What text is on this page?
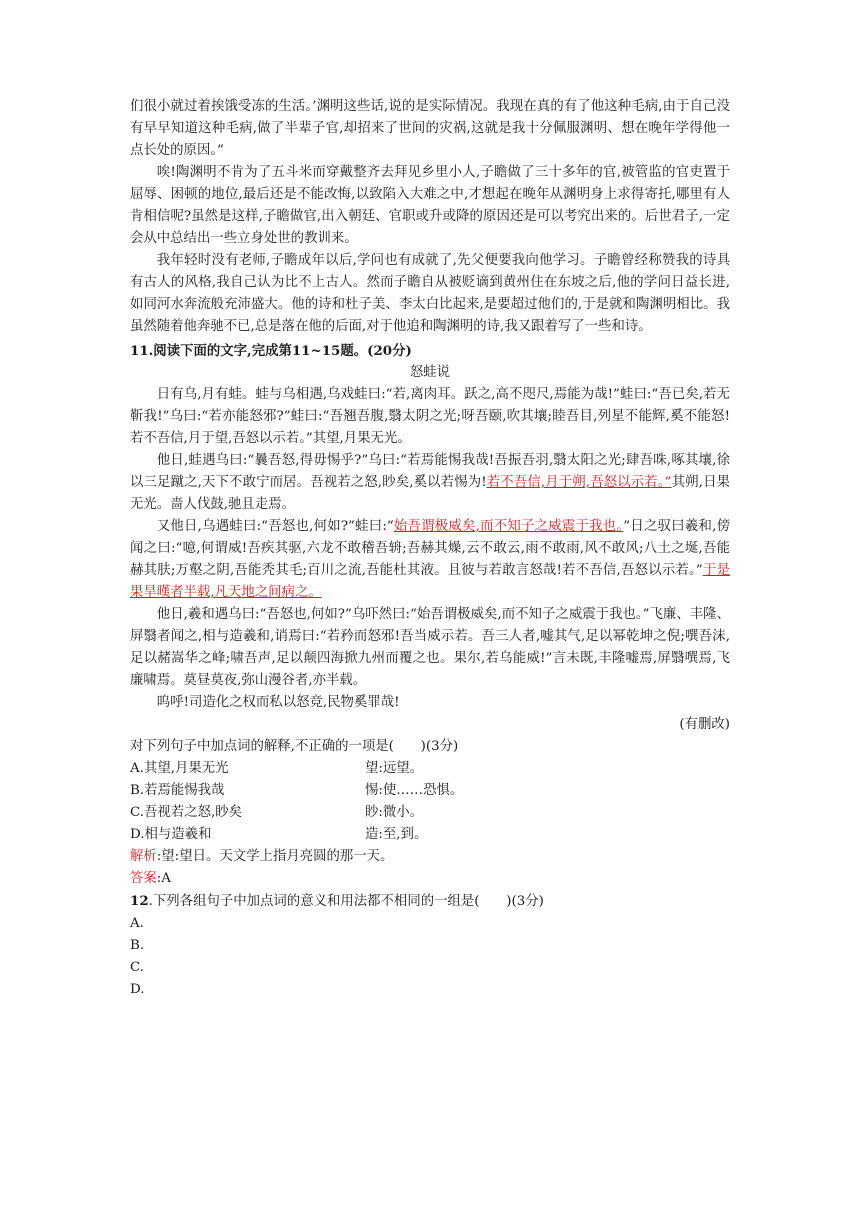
们很小就过着挨饿受冻的生活。’渊明这些话,说的是实际情况。我现在真的有了他这种毛病,由于自己没有早早知道这种毛病,做了半辈子官,却招来了世间的灾祸,这就是我十分佩服渊明、想在晚年学得他一点长处的原因。”

唉!陶渊明不肯为了五斗米而穿戴整齐去拜见乡里小人,子瞻做了三十多年的官,被管监的官吏置于屈辱、困顿的地位,最后还是不能改悔,以致陷入大难之中,才想起在晚年从渊明身上求得寄托,哪里有人肯相信呢?虽然是这样,子瞻做官,出入朝廷、官职或升或降的原因还是可以考究出来的。后世君子,一定会从中总结出一些立身处世的教训来。

我年轻时没有老师,子瞻成年以后,学问也有成就了,先父便要我向他学习。子瞻曾经称赞我的诗具有古人的风格,我自己认为比不上古人。然而子瞻自从被贬谪到黄州住在东坡之后,他的学问日益长进,如同河水奔流般充沛盛大。他的诗和杜子美、李太白比起来,是要超过他们的,于是就和陶渊明相比。我虽然随着他奔驰不已,总是落在他的后面,对于他追和陶渊明的诗,我又跟着写了一些和诗。

11.阅读下面的文字,完成第11~15题。(20分)

怒蛙说

日有乌,月有蛙。蛙与乌相遇,乌戏蛙曰:“若,离肉耳。跃之,高不咫尺,焉能为哉!”蛙曰:“吾已矣,若无靳我!”乌曰:“若亦能怒邪?”蛙曰:“吾翘吾腹,翳太阴之光;呀吾颐,吹其壤;睦吾目,列星不能辉,奚不能怒!若不吾信,月于望,吾怒以示若。”其望,月果无光。

他日,蛙遇乌曰:“曩吾怒,得毋惕乎?”乌曰:“若焉能惕我哉!吾振吾羽,翳太阳之光;肆吾咮,啄其壤,徐以三足蹴之,天下不敢宁而居。吾视若之怒,眇矣,奚以若惕为!若不吾信,月于朔,吾怒以示若。”其朔,日果无光。啬人伐鼓,驰且走焉。

又他日,乌遇蛙曰:“吾怒也,何如?”蛙曰:“始吾谓极威矣,而不知子之威震于我也。”日之驭曰羲和,傍闻之曰:“噫,何谓威!吾疾其驱,六龙不敢稽吾辀;吾赫其燥,云不敢云,雨不敢雨,风不敢风;八土之埏,吾能赫其肤;万壑之阴,吾能秃其毛;百川之流,吾能杜其液。且彼与若敢言怒哉!若不吾信,吾怒以示若。”于是果旱暵者半载,凡天地之间病之。

他日,羲和遇乌曰:“吾怒也,何如?”乌吓然曰:“始吾谓极威矣,而不知子之威震于我也。”飞廉、丰隆、屏翳者闻之,相与造羲和,诮焉曰:“若矜而怒邪!吾当威示若。吾三人者,嘘其气,足以幂乾坤之倪;噀吾沫,足以赭嵩华之峰;啸吾声,足以颠四海掀九州而覆之也。果尔,若乌能威!”言未既,丰隆嘘焉,屏翳噀焉,飞廉啸焉。莫昼莫夜,弥山漫谷者,亦半载。

呜呼!司造化之权而私以怒竞,民物奚罪哉!

(有删改)

对下列句子中加点词的解释,不正确的一项是(　　)(3分)

A.其望,月果无光	望:远望。

B.若焉能惕我哉	惕:使……恐惧。

C.吾视若之怒,眇矣	眇:微小。

D.相与造羲和	造:至,到。

解析:望:望日。天文学上指月亮圆的那一天。

答案:A

12.下列各组句子中加点词的意义和用法都不相同的一组是(　　)(3分)

A.

B.

C.

D.
